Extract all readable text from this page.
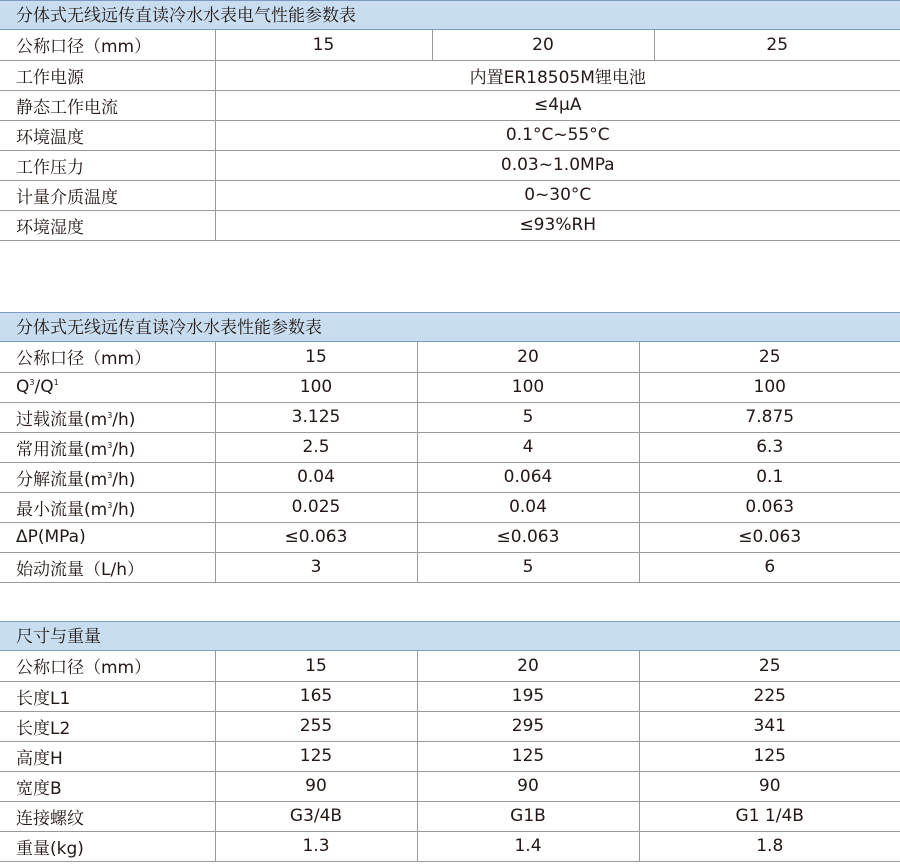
分体式无线远传直读冷水水表电气性能参数表
公称口径（mm）	15	20	25
工作电源	内置ER18505M锂电池		
静态工作电流	≤4μA		
环境温度	0.1°C~55°C		
工作压力	0.03~1.0MPa		
计量介质温度	0~30°C		
环境湿度	≤93%RH		
分体式无线远传直读冷水水表性能参数表
公称口径（mm）	15	20	25
$Q^3/Q^1$	100	100	100
过载流量$(m^3/h)$	3.125	5	7.875
常用流量$(m^3/h)$	2.5	4	6.3
分解流量$(m^3/h)$	0.04	0.064	0.1
最小流量$(m^3/h)$	0.025	0.04	0.063
ΔP(MPa)	≤0.063	≤0.063	≤0.063
始动流量（L/h）	3	5	6
尺寸与重量
公称口径（mm）	15	20	25
长度L1	165	195	225
长度L2	255	295	341
高度H	125	125	125
宽度B	90	90	90
连接螺纹	G3/4B	G1B	G1 1/4B
重量(kg)	1.3	1.4	1.8
